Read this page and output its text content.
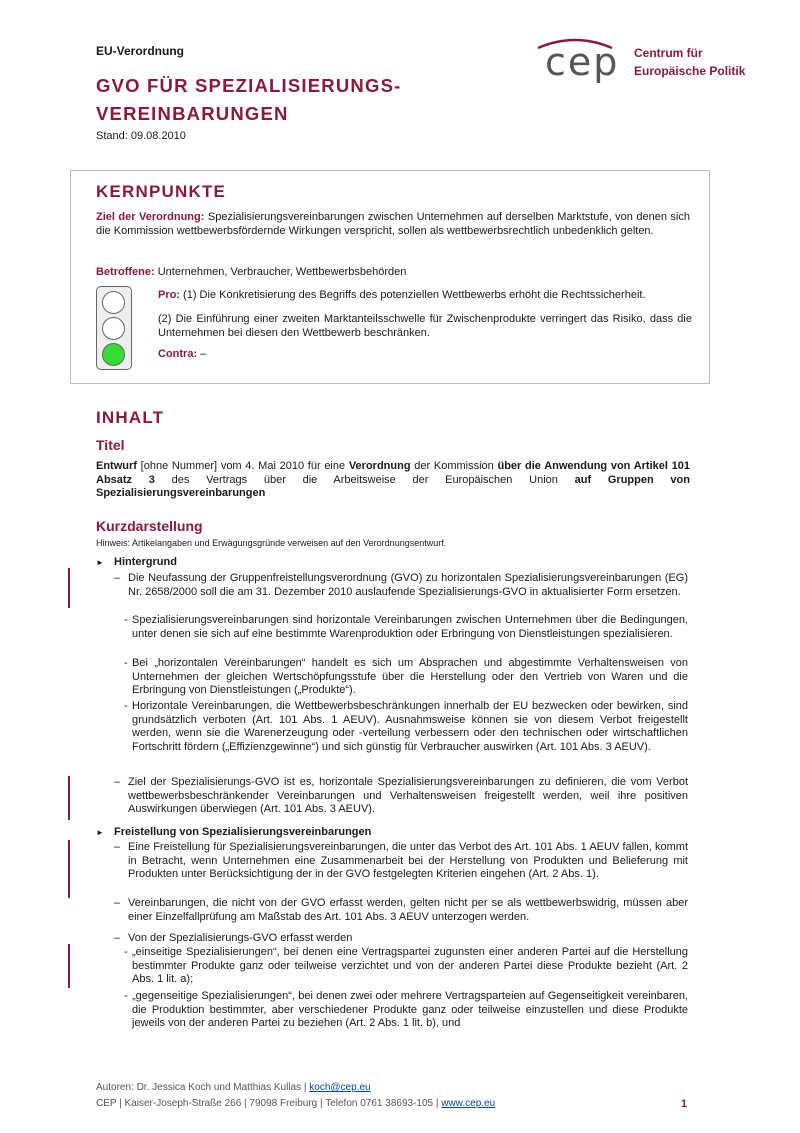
EU-Verordnung
GVO FÜR SPEZIALISIERUNGS-
VEREINBARUNGEN
Stand: 09.08.2010
cep Centrum für
Europäische Politik
KERNPUNKTE
Ziel der Verordnung: Spezialisierungsvereinbarungen zwischen Unternehmen auf derselben Marktstufe, von denen sich die Kommission wettbewerbsfördernde Wirkungen verspricht, sollen als wettbewerbsrechtlich unbedenklich gelten.
Betroffene: Unternehmen, Verbraucher, Wettbewerbsbehörden
Pro: (1) Die Konkretisierung des Begriffs des potenziellen Wettbewerbs erhöht die Rechtssicherheit.
(2) Die Einführung einer zweiten Marktanteilsschwelle für Zwischenprodukte verringert das Risiko, dass die Unternehmen bei diesen den Wettbewerb beschränken.
Contra: –
INHALT
Titel
Entwurf [ohne Nummer] vom 4. Mai 2010 für eine Verordnung der Kommission über die Anwendung von Artikel 101 Absatz 3 des Vertrags über die Arbeitsweise der Europäischen Union auf Gruppen von Spezialisierungsvereinbarungen
Kurzdarstellung
Hinweis: Artikelangaben und Erwägungsgründe verweisen auf den Verordnungsentwurf.
► Hintergrund
– Die Neufassung der Gruppenfreistellungsverordnung (GVO) zu horizontalen Spezialisierungsvereinbarungen (EG) Nr. 2658/2000 soll die am 31. Dezember 2010 auslaufende Spezialisierungs-GVO in aktualisierter Form ersetzen.
- Spezialisierungsvereinbarungen sind horizontale Vereinbarungen zwischen Unternehmen über die Bedingungen, unter denen sie sich auf eine bestimmte Warenproduktion oder Erbringung von Dienstleistungen spezialisieren.
- Bei „horizontalen Vereinbarungen“ handelt es sich um Absprachen und abgestimmte Verhaltensweisen von Unternehmen der gleichen Wertschöpfungsstufe über die Herstellung oder den Vertrieb von Waren und die Erbringung von Dienstleistungen („Produkte“).
- Horizontale Vereinbarungen, die Wettbewerbsbeschränkungen innerhalb der EU bezwecken oder bewirken, sind grundsätzlich verboten (Art. 101 Abs. 1 AEUV). Ausnahmsweise können sie von diesem Verbot freigestellt werden, wenn sie die Warenerzeugung oder -verteilung verbessern oder den technischen oder wirtschaftlichen Fortschritt fördern („Effizienzgewinne“) und sich günstig für Verbraucher auswirken (Art. 101 Abs. 3 AEUV).
– Ziel der Spezialisierungs-GVO ist es, horizontale Spezialisierungsvereinbarungen zu definieren, die vom Verbot wettbewerbsbeschränkender Vereinbarungen und Verhaltensweisen freigestellt werden, weil ihre positiven Auswirkungen überwiegen (Art. 101 Abs. 3 AEUV).
► Freistellung von Spezialisierungsvereinbarungen
– Eine Freistellung für Spezialisierungsvereinbarungen, die unter das Verbot des Art. 101 Abs. 1 AEUV fallen, kommt in Betracht, wenn Unternehmen eine Zusammenarbeit bei der Herstellung von Produkten und Belieferung mit Produkten unter Berücksichtigung der in der GVO festgelegten Kriterien eingehen (Art. 2 Abs. 1).
– Vereinbarungen, die nicht von der GVO erfasst werden, gelten nicht per se als wettbewerbswidrig, müssen aber einer Einzelfallprüfung am Maßstab des Art. 101 Abs. 3 AEUV unterzogen werden.
– Von der Spezialisierungs-GVO erfasst werden
- „einseitige Spezialisierungen“, bei denen eine Vertragspartei zugunsten einer anderen Partei auf die Herstellung bestimmter Produkte ganz oder teilweise verzichtet und von der anderen Partei diese Produkte bezieht (Art. 2 Abs. 1 lit. a);
- „gegenseitige Spezialisierungen“, bei denen zwei oder mehrere Vertragsparteien auf Gegenseitigkeit vereinbaren, die Produktion bestimmter, aber verschiedener Produkte ganz oder teilweise einzustellen und diese Produkte jeweils von der anderen Partei zu beziehen (Art. 2 Abs. 1 lit. b), und
Autoren: Dr. Jessica Koch und Matthias Kullas | koch@cep.eu
CEP | Kaiser-Joseph-Straße 266 | 79098 Freiburg | Telefon 0761 38693-105 | www.cep.eu	1
